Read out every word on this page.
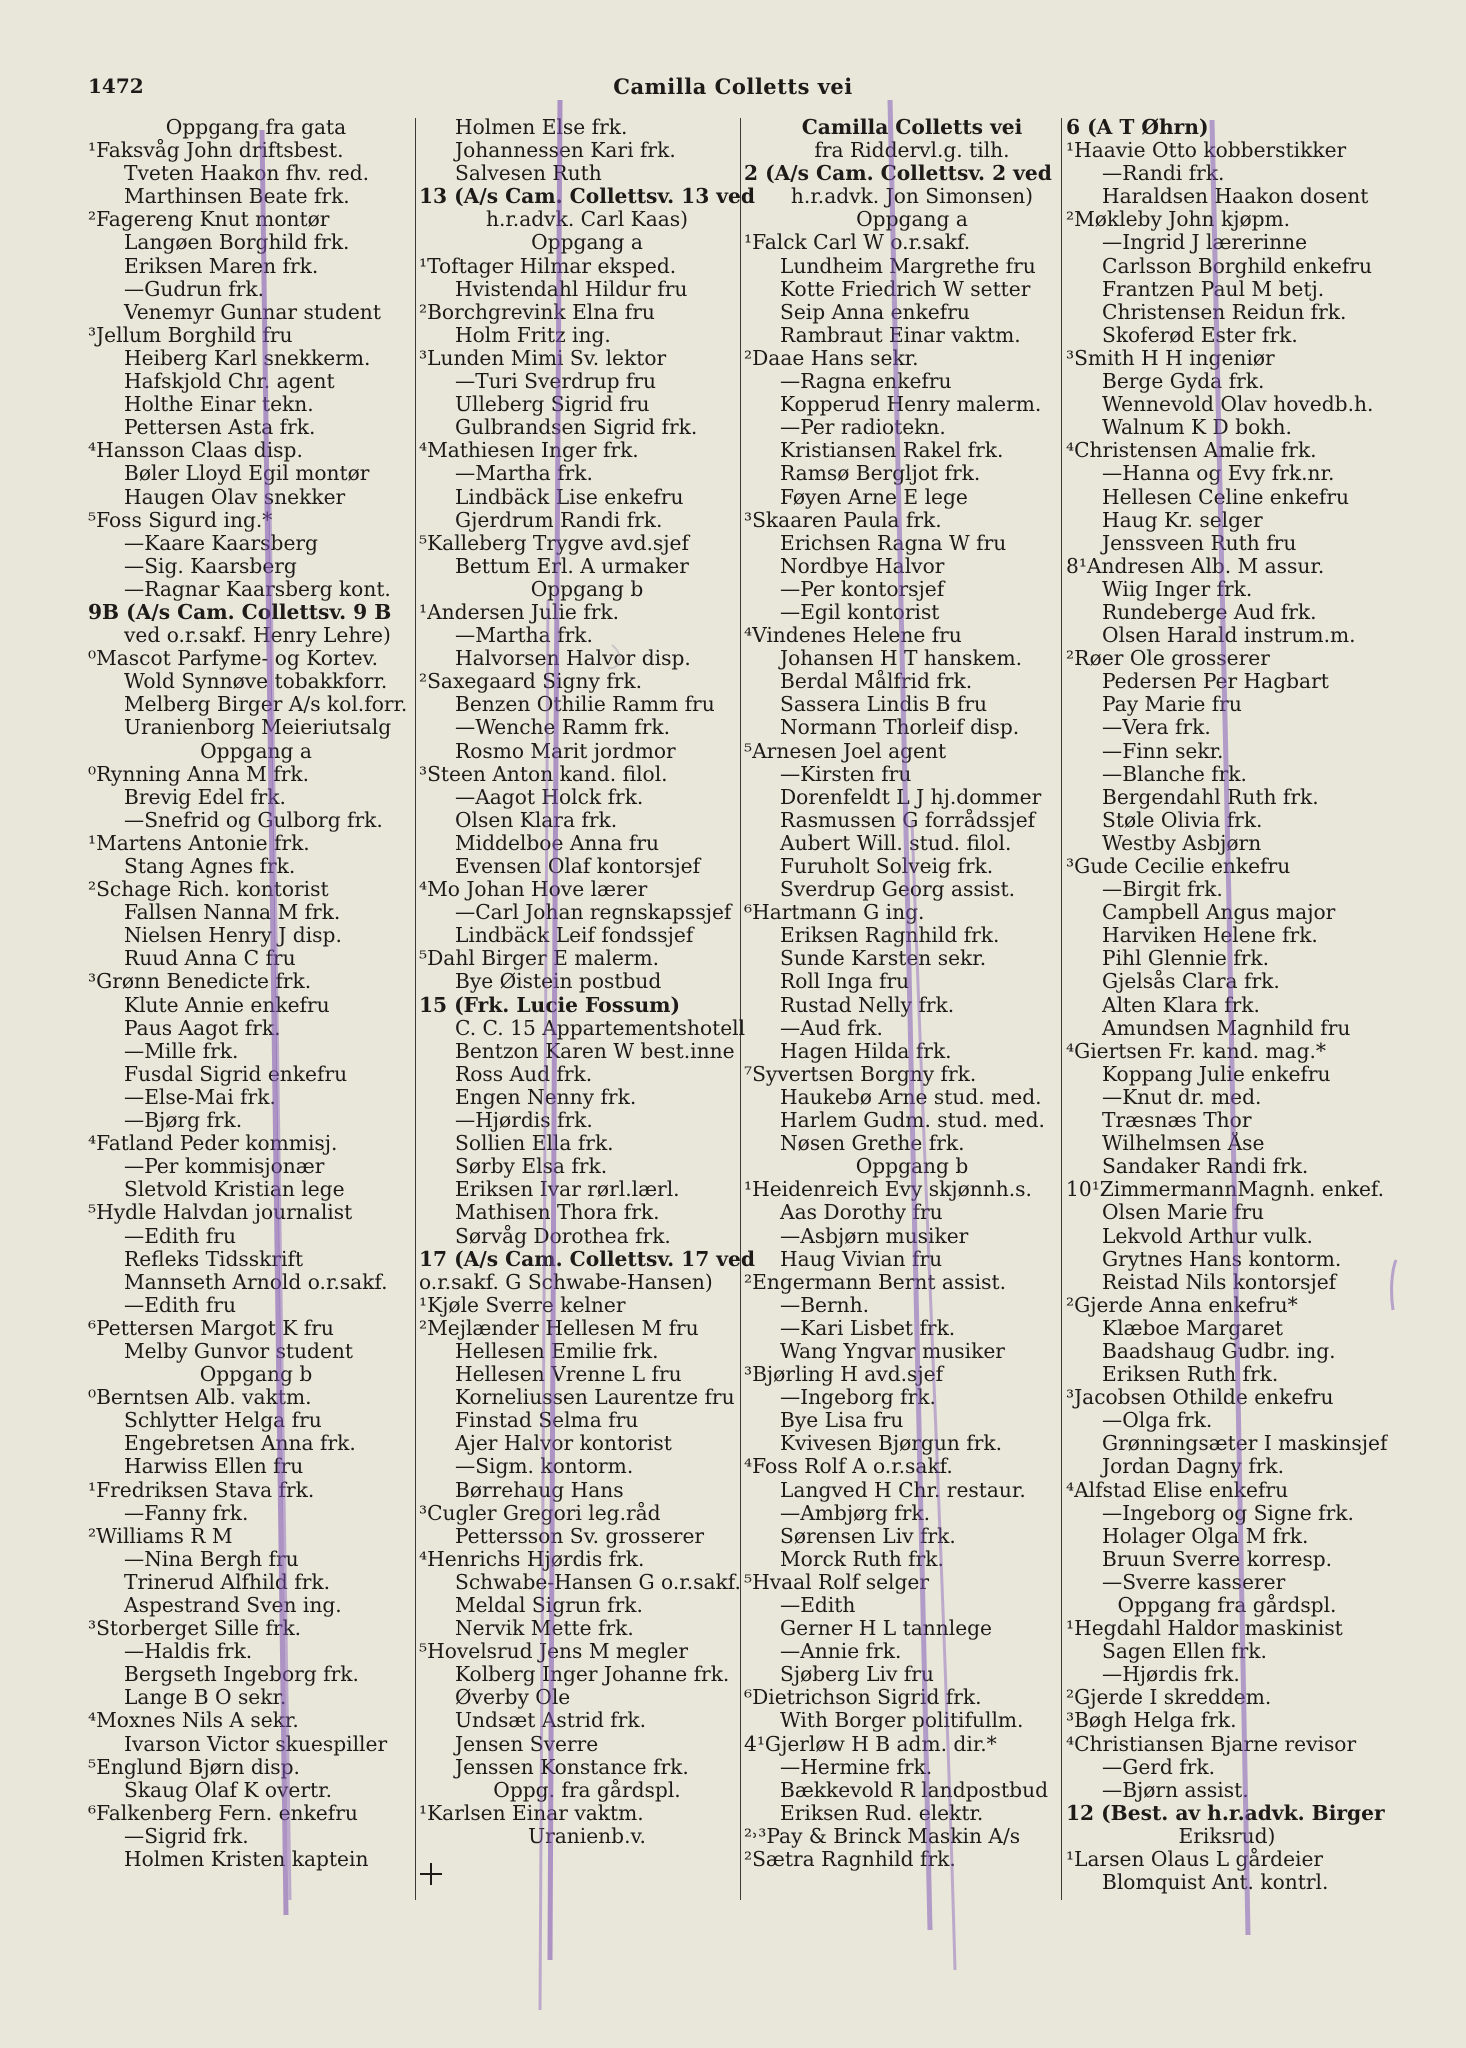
1472	Camilla Colletts vei
Oppgang fra gata
¹Faksvåg John driftsbest.
Tveten Haakon fhv. red.
Marthinsen Beate frk.
²Fagereng Knut montør
Langøen Borghild frk.
Eriksen Maren frk.
—Gudrun frk.
Venemyr Gunnar student
³Jellum Borghild fru
Heiberg Karl snekkerm.
Hafskjold Chr. agent
Holthe Einar tekn.
Pettersen Asta frk.
⁴Hansson Claas disp.
Bøler Lloyd Egil montør
Haugen Olav snekker
⁵Foss Sigurd ing.*
—Kaare Kaarsberg
—Sig. Kaarsberg
—Ragnar Kaarsberg kont.
9B (A/s Cam. Collettsv. 9 B
ved o.r.sakf. Henry Lehre)
⁰Mascot Parfyme- og Kortev.
Wold Synnøve tobakkforr.
Melberg Birger A/s kol.forr.
Uranienborg Meieriutsalg
Oppgang a
⁰Rynning Anna M frk.
Brevig Edel frk.
—Snefrid og Gulborg frk.
¹Martens Antonie frk.
Stang Agnes frk.
²Schage Rich. kontorist
Fallsen Nanna M frk.
Nielsen Henry J disp.
Ruud Anna C fru
³Grønn Benedicte frk.
Klute Annie enkefru
Paus Aagot frk.
—Mille frk.
Fusdal Sigrid enkefru
—Else-Mai frk.
—Bjørg frk.
⁴Fatland Peder kommisj.
—Per kommisjonær
Sletvold Kristian lege
⁵Hydle Halvdan journalist
—Edith fru
Refleks Tidsskrift
Mannseth Arnold o.r.sakf.
—Edith fru
⁶Pettersen Margot K fru
Melby Gunvor student
Oppgang b
⁰Berntsen Alb. vaktm.
Schlytter Helga fru
Engebretsen Anna frk.
Harwiss Ellen fru
¹Fredriksen Stava frk.
—Fanny frk.
²Williams R M
—Nina Bergh fru
Trinerud Alfhild frk.
Aspestrand Sven ing.
³Storberget Sille frk.
—Haldis frk.
Bergseth Ingeborg frk.
Lange B O sekr.
⁴Moxnes Nils A sekr.
Ivarson Victor skuespiller
⁵Englund Bjørn disp.
Skaug Olaf K overtr.
⁶Falkenberg Fern. enkefru
—Sigrid frk.
Holmen Kristen kaptein
Holmen Else frk.
Johannessen Kari frk.
Salvesen Ruth
13 (A/s Cam. Collettsv. 13 ved
h.r.advk. Carl Kaas)
Oppgang a
¹Toftager Hilmar eksped.
Hvistendahl Hildur fru
²Borchgrevink Elna fru
Holm Fritz ing.
³Lunden Mimi Sv. lektor
—Turi Sverdrup fru
Ulleberg Sigrid fru
Gulbrandsen Sigrid frk.
⁴Mathiesen Inger frk.
—Martha frk.
Lindbäck Lise enkefru
Gjerdrum Randi frk.
⁵Kalleberg Trygve avd.sjef
Bettum Erl. A urmaker
Oppgang b
¹Andersen Julie frk.
—Martha frk.
Halvorsen Halvor disp.
²Saxegaard Signy frk.
Benzen Othilie Ramm fru
—Wenche Ramm frk.
Rosmo Marit jordmor
³Steen Anton kand. filol.
—Aagot Holck frk.
Olsen Klara frk.
Middelboe Anna fru
Evensen Olaf kontorsjef
⁴Mo Johan Hove lærer
—Carl Johan regnskapssjef
Lindbäck Leif fondssjef
⁵Dahl Birger E malerm.
Bye Øistein postbud
15 (Frk. Lucie Fossum)
C. C. 15 Appartementshotell
Bentzon Karen W best.inne
Ross Aud frk.
Engen Nenny frk.
—Hjørdis frk.
Sollien Ella frk.
Sørby Elsa frk.
Eriksen Ivar rørl.lærl.
Mathisen Thora frk.
Sørvåg Dorothea frk.
17 (A/s Cam. Collettsv. 17 ved
o.r.sakf. G Schwabe-Hansen)
¹Kjøle Sverre kelner
²Mejlænder Hellesen M fru
Hellesen Emilie frk.
Hellesen Vrenne L fru
Korneliussen Laurentze fru
Finstad Selma fru
Ajer Halvor kontorist
—Sigm. kontorm.
Børrehaug Hans
³Cugler Gregori leg.råd
Pettersson Sv. grosserer
⁴Henrichs Hjørdis frk.
Schwabe-Hansen G o.r.sakf.
Meldal Sigrun frk.
Nervik Mette frk.
⁵Hovelsrud Jens M megler
Kolberg Inger Johanne frk.
Øverby Ole
Undsæt Astrid frk.
Jensen Sverre
Jenssen Konstance frk.
Oppg. fra gårdspl.
¹Karlsen Einar vaktm.
Uranienb.v.
Camilla Colletts vei
fra Riddervl.g. tilh.
2 (A/s Cam. Collettsv. 2 ved
h.r.advk. Jon Simonsen)
Oppgang a
¹Falck Carl W o.r.sakf.
Lundheim Margrethe fru
Kotte Friedrich W setter
Seip Anna enkefru
Rambraut Einar vaktm.
²Daae Hans sekr.
—Ragna enkefru
Kopperud Henry malerm.
—Per radiotekn.
Kristiansen Rakel frk.
Ramsø Bergljot frk.
Føyen Arne E lege
³Skaaren Paula frk.
Erichsen Ragna W fru
Nordbye Halvor
—Per kontorsjef
—Egil kontorist
⁴Vindenes Helene fru
Johansen H T hanskem.
Berdal Målfrid frk.
Sassera Lindis B fru
Normann Thorleif disp.
⁵Arnesen Joel agent
—Kirsten fru
Dorenfeldt L J hj.dommer
Rasmussen G forrådssjef
Aubert Will. stud. filol.
Furuholt Solveig frk.
Sverdrup Georg assist.
⁶Hartmann G ing.
Eriksen Ragnhild frk.
Sunde Karsten sekr.
Roll Inga fru
Rustad Nelly frk.
—Aud frk.
Hagen Hilda frk.
⁷Syvertsen Borgny frk.
Haukebø Arne stud. med.
Harlem Gudm. stud. med.
Nøsen Grethe frk.
Oppgang b
¹Heidenreich Evy skjønnh.s.
Aas Dorothy fru
—Asbjørn musiker
Haug Vivian fru
²Engermann Bernt assist.
—Bernh.
—Kari Lisbet frk.
Wang Yngvar musiker
³Bjørling H avd.sjef
—Ingeborg frk.
Bye Lisa fru
Kvivesen Bjørgun frk.
⁴Foss Rolf A o.r.sakf.
Langved H Chr. restaur.
—Ambjørg frk.
Sørensen Liv frk.
Morck Ruth frk.
⁵Hvaal Rolf selger
—Edith
Gerner H L tannlege
—Annie frk.
Sjøberg Liv fru
⁶Dietrichson Sigrid frk.
With Borger politifullm.
4¹Gjerløw H B adm. dir.*
—Hermine frk.
Bækkevold R landpostbud
Eriksen Rud. elektr.
²˒³Pay & Brinck Maskin A/s
²Sætra Ragnhild frk.
6 (A T Øhrn)
¹Haavie Otto kobberstikker
—Randi frk.
Haraldsen Haakon dosent
²Møkleby John kjøpm.
—Ingrid J lærerinne
Carlsson Borghild enkefru
Frantzen Paul M betj.
Christensen Reidun frk.
Skoferød Ester frk.
³Smith H H ingeniør
Berge Gyda frk.
Wennevold Olav hovedb.h.
Walnum K D bokh.
⁴Christensen Amalie frk.
—Hanna og Evy frk.nr.
Hellesen Celine enkefru
Haug Kr. selger
Jenssveen Ruth fru
8¹Andresen Alb. M assur.
Wiig Inger frk.
Rundeberge Aud frk.
Olsen Harald instrum.m.
²Røer Ole grosserer
Pedersen Per Hagbart
Pay Marie fru
—Vera frk.
—Finn sekr.
—Blanche frk.
Bergendahl Ruth frk.
Støle Olivia frk.
Westby Asbjørn
³Gude Cecilie enkefru
—Birgit frk.
Campbell Angus major
Harviken Helene frk.
Pihl Glennie frk.
Gjelsås Clara frk.
Alten Klara frk.
Amundsen Magnhild fru
⁴Giertsen Fr. kand. mag.*
Koppang Julie enkefru
—Knut dr. med.
Træsnæs Thor
Wilhelmsen Åse
Sandaker Randi frk.
10¹ZimmermannMagnh. enkef.
Olsen Marie fru
Lekvold Arthur vulk.
Grytnes Hans kontorm.
Reistad Nils kontorsjef
²Gjerde Anna enkefru*
Klæboe Margaret
Baadshaug Gudbr. ing.
Eriksen Ruth frk.
³Jacobsen Othilde enkefru
—Olga frk.
Grønningsæter I maskinsjef
Jordan Dagny frk.
⁴Alfstad Elise enkefru
—Ingeborg og Signe frk.
Holager Olga M frk.
Bruun Sverre korresp.
—Sverre kasserer
Oppgang fra gårdspl.
¹Hegdahl Haldor maskinist
Sagen Ellen frk.
—Hjørdis frk.
²Gjerde I skreddem.
³Bøgh Helga frk.
⁴Christiansen Bjarne revisor
—Gerd frk.
—Bjørn assist.
12 (Best. av h.r.advk. Birger
Eriksrud)
¹Larsen Olaus L gårdeier
Blomquist Ant. kontrl.
